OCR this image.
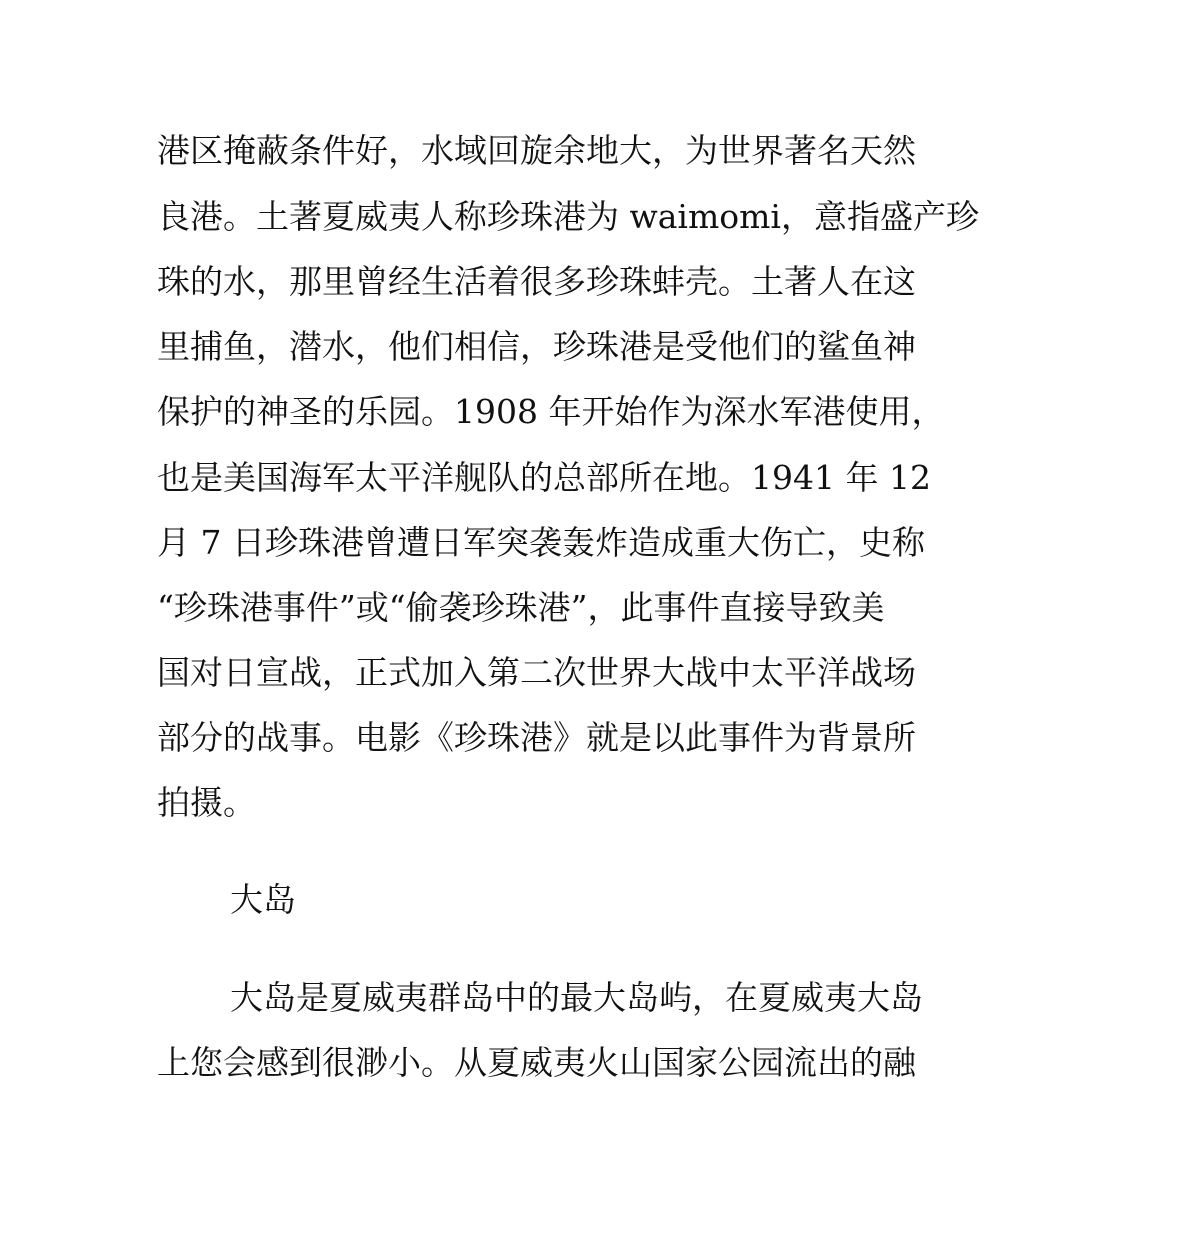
港区掩蔽条件好，水域回旋余地大，为世界著名天然
良港。土著夏威夷人称珍珠港为 waimomi，意指盛产珍
珠的水，那里曾经生活着很多珍珠蚌壳。土著人在这
里捕鱼，潜水，他们相信，珍珠港是受他们的鲨鱼神
保护的神圣的乐园。1908 年开始作为深水军港使用，
也是美国海军太平洋舰队的总部所在地。1941 年 12
月 7 日珍珠港曾遭日军突袭轰炸造成重大伤亡，史称
“珍珠港事件”或“偷袭珍珠港”，此事件直接导致美
国对日宣战，正式加入第二次世界大战中太平洋战场
部分的战事。电影《珍珠港》就是以此事件为背景所
拍摄。
大岛
大岛是夏威夷群岛中的最大岛屿，在夏威夷大岛
上您会感到很渺小。从夏威夷火山国家公园流出的融
